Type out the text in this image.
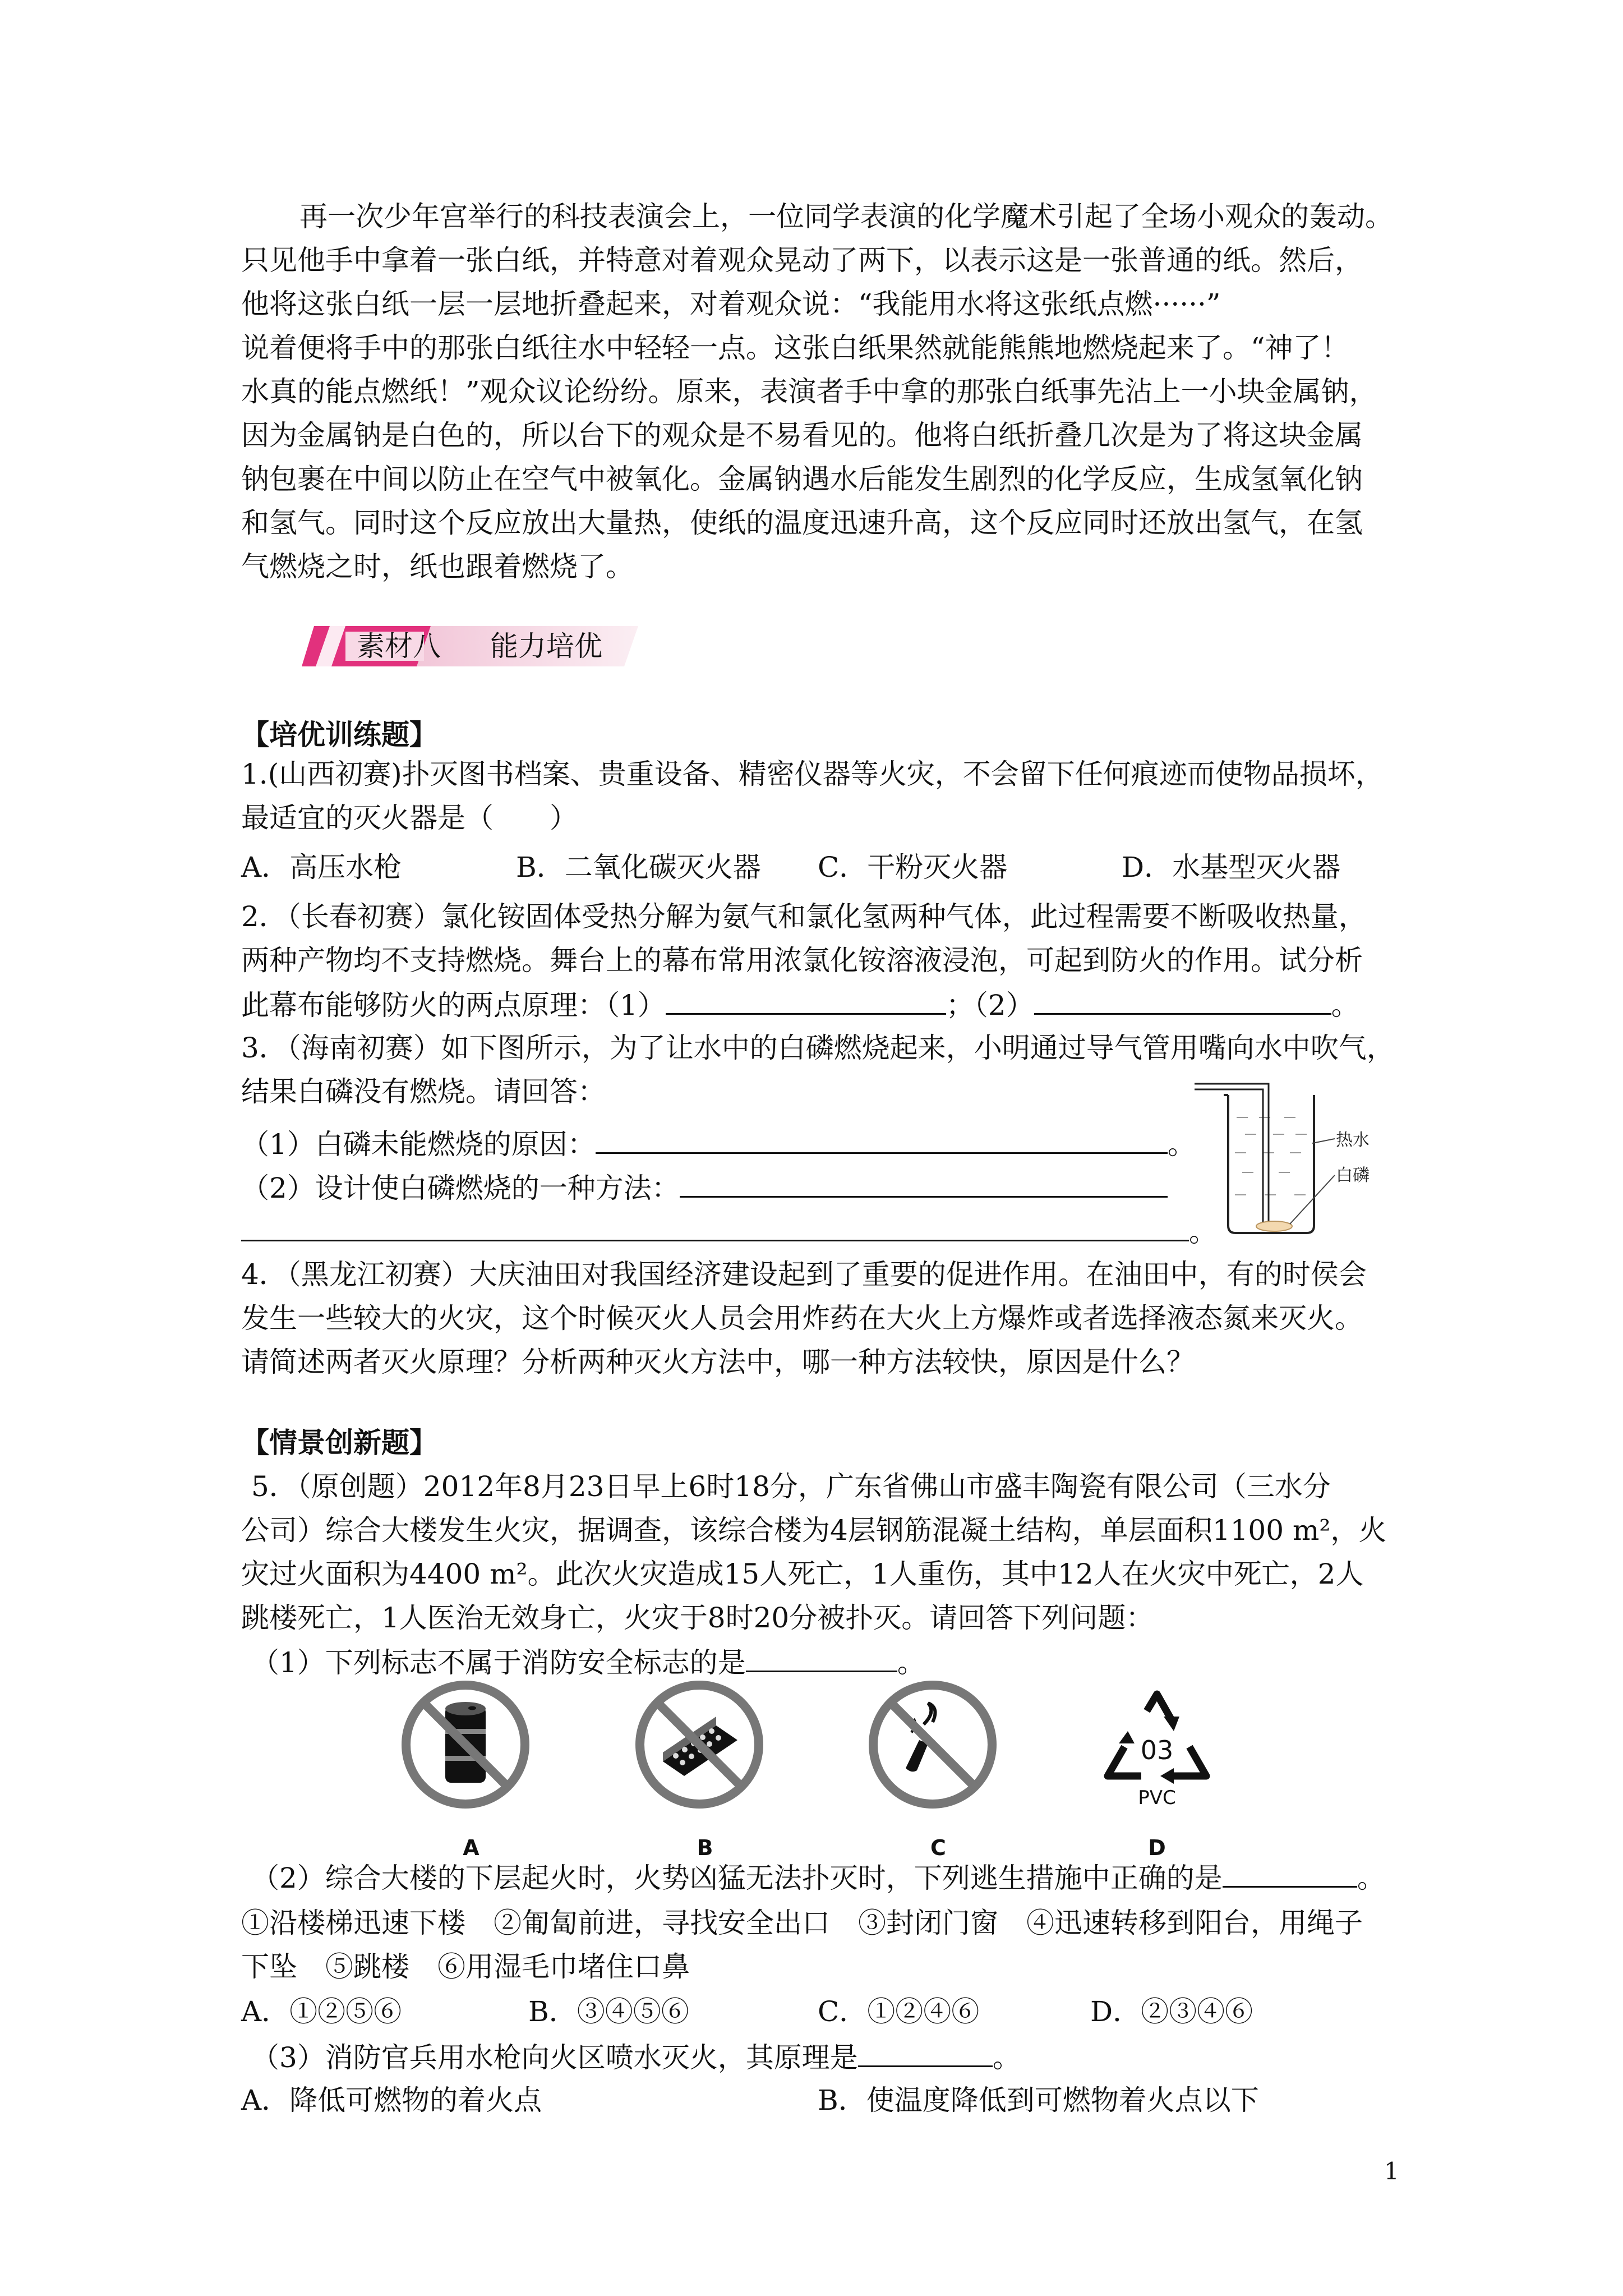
再一次少年宫举行的科技表演会上，一位同学表演的化学魔术引起了全场小观众的轰动。
只见他手中拿着一张白纸，并特意对着观众晃动了两下，以表示这是一张普通的纸。然后，
他将这张白纸一层一层地折叠起来，对着观众说：“我能用水将这张纸点燃······”
说着便将手中的那张白纸往水中轻轻一点。这张白纸果然就能熊熊地燃烧起来了。“神了！
水真的能点燃纸！”观众议论纷纷。原来，表演者手中拿的那张白纸事先沾上一小块金属钠，
因为金属钠是白色的，所以台下的观众是不易看见的。他将白纸折叠几次是为了将这块金属
钠包裹在中间以防止在空气中被氧化。金属钠遇水后能发生剧烈的化学反应，生成氢氧化钠
和氢气。同时这个反应放出大量热，使纸的温度迅速升高，这个反应同时还放出氢气，在氢
气燃烧之时，纸也跟着燃烧了。
素材八 能力培优
【培优训练题】
1.(山西初赛)扑灭图书档案、贵重设备、精密仪器等火灾，不会留下任何痕迹而使物品损坏，
最适宜的灭火器是（　　）
A．高压水枪	B．二氧化碳灭火器 C．干粉灭火器	D．水基型灭火器
2．（长春初赛）氯化铵固体受热分解为氨气和氯化氢两种气体，此过程需要不断吸收热量，
两种产物均不支持燃烧。舞台上的幕布常用浓氯化铵溶液浸泡，可起到防火的作用。试分析
此幕布能够防火的两点原理：（1）	；（2）	。
3．（海南初赛）如下图所示，为了让水中的白磷燃烧起来，小明通过导气管用嘴向水中吹气，
结果白磷没有燃烧。请回答：
（1）白磷未能燃烧的原因：	。
（2）设计使白磷燃烧的一种方法：
。
热水
白磷
4．（黑龙江初赛）大庆油田对我国经济建设起到了重要的促进作用。在油田中，有的时侯会
发生一些较大的火灾，这个时候灭火人员会用炸药在大火上方爆炸或者选择液态氮来灭火。
请简述两者灭火原理？分析两种灭火方法中，哪一种方法较快，原因是什么？
【情景创新题】
5．（原创题）2012年8月23日早上6时18分，广东省佛山市盛丰陶瓷有限公司（三水分
公司）综合大楼发生火灾，据调查，该综合楼为4层钢筋混凝土结构，单层面积1100 m²，火
灾过火面积为4400 m²。此次火灾造成15人死亡，1人重伤，其中12人在火灾中死亡，2人
跳楼死亡，1人医治无效身亡，火灾于8时20分被扑灭。请回答下列问题：
（1）下列标志不属于消防安全标志的是	。
03
PVC
A	B	C	D
（2）综合大楼的下层起火时，火势凶猛无法扑灭时，下列逃生措施中正确的是	。
①沿楼梯迅速下楼　②匍匐前进，寻找安全出口　③封闭门窗　④迅速转移到阳台，用绳子
下坠　⑤跳楼　⑥用湿毛巾堵住口鼻
A．①②⑤⑥	B．③④⑤⑥	C．①②④⑥	D．②③④⑥
（3）消防官兵用水枪向火区喷水灭火，其原理是	。
A．降低可燃物的着火点	B．使温度降低到可燃物着火点以下
1
